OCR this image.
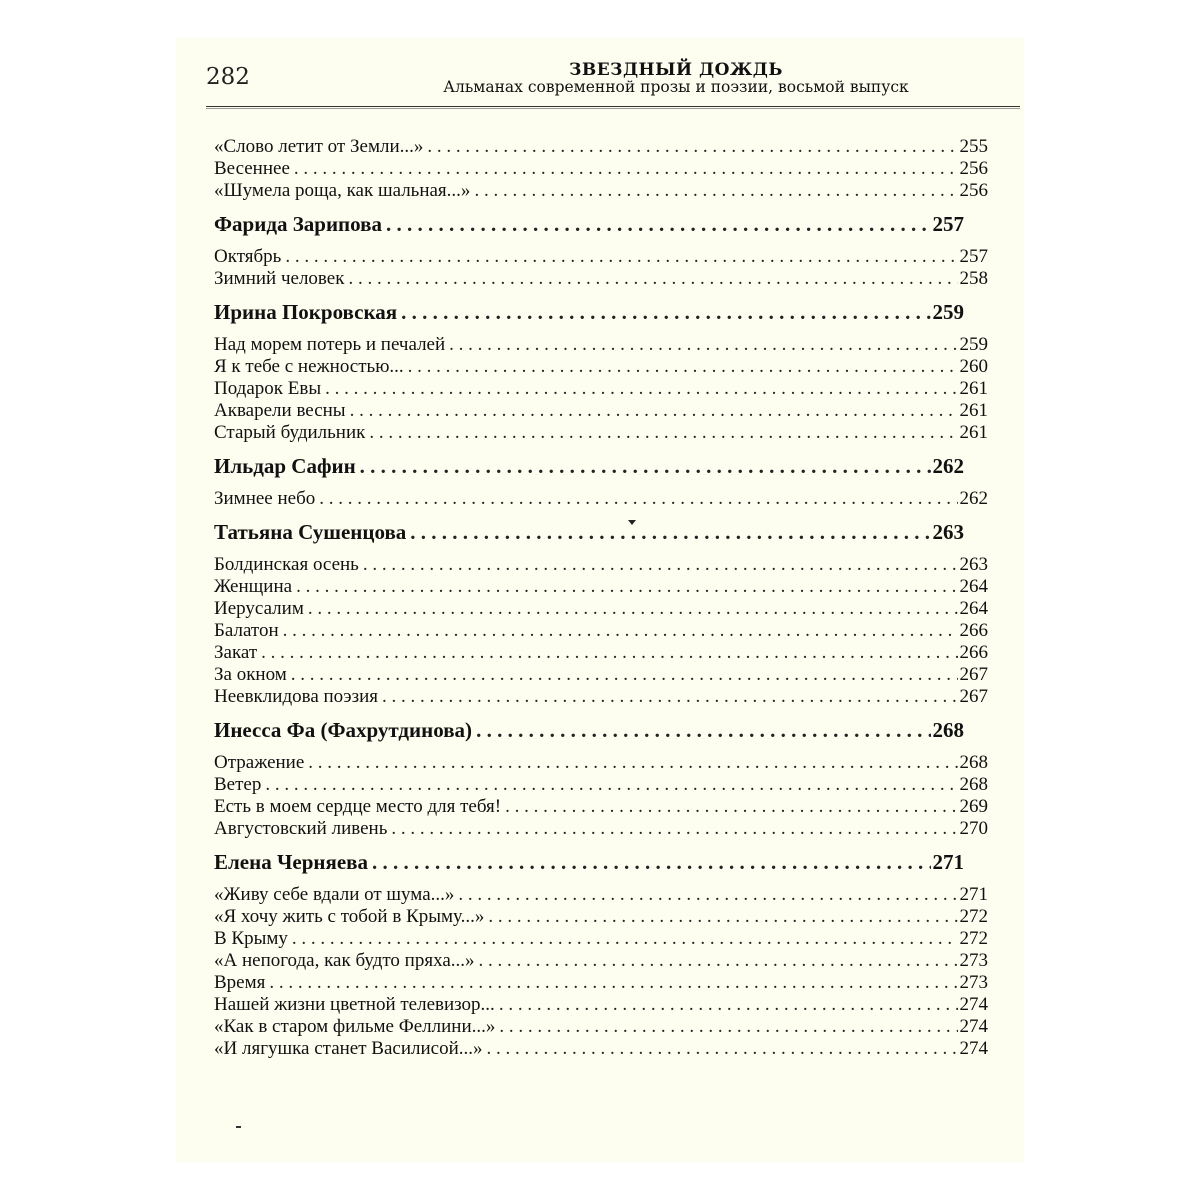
282	ЗВЕЗДНЫЙ ДОЖДЬ
Альманах современной прозы и поэзии, восьмой выпуск
«Слово летит от Земли...» . . .	255
Весеннее . . .	256
«Шумела роща, как шальная...» . . .	256
Фарида Зарипова . . .	257
Октябрь . . .	257
Зимний человек . . .	258
Ирина Покровская . . .	259
Над морем потерь и печалей . . .	259
Я к тебе с нежностью... . . .	260
Подарок Евы . . .	261
Акварели весны . . .	261
Старый будильник . . .	261
Ильдар Сафин . . .	262
Зимнее небо . . .	262
Татьяна Сушенцова . . .	263
Болдинская осень . . .	263
Женщина . . .	264
Иерусалим . . .	264
Балатон . . .	266
Закат . . .	266
За окном . . .	267
Неевклидова поэзия . . .	267
Инесса Фа (Фахрутдинова) . . .	268
Отражение . . .	268
Ветер . . .	268
Есть в моем сердце место для тебя! . . .	269
Августовский ливень . . .	270
Елена Черняева . . .	271
«Живу себе вдали от шума...» . . .	271
«Я хочу жить с тобой в Крыму...» . . .	272
В Крыму . . .	272
«А непогода, как будто пряха...» . . .	273
Время . . .	273
Нашей жизни цветной телевизор... . . .	274
«Как в старом фильме Феллини...» . . .	274
«И лягушка станет Василисой...» . . .	274
